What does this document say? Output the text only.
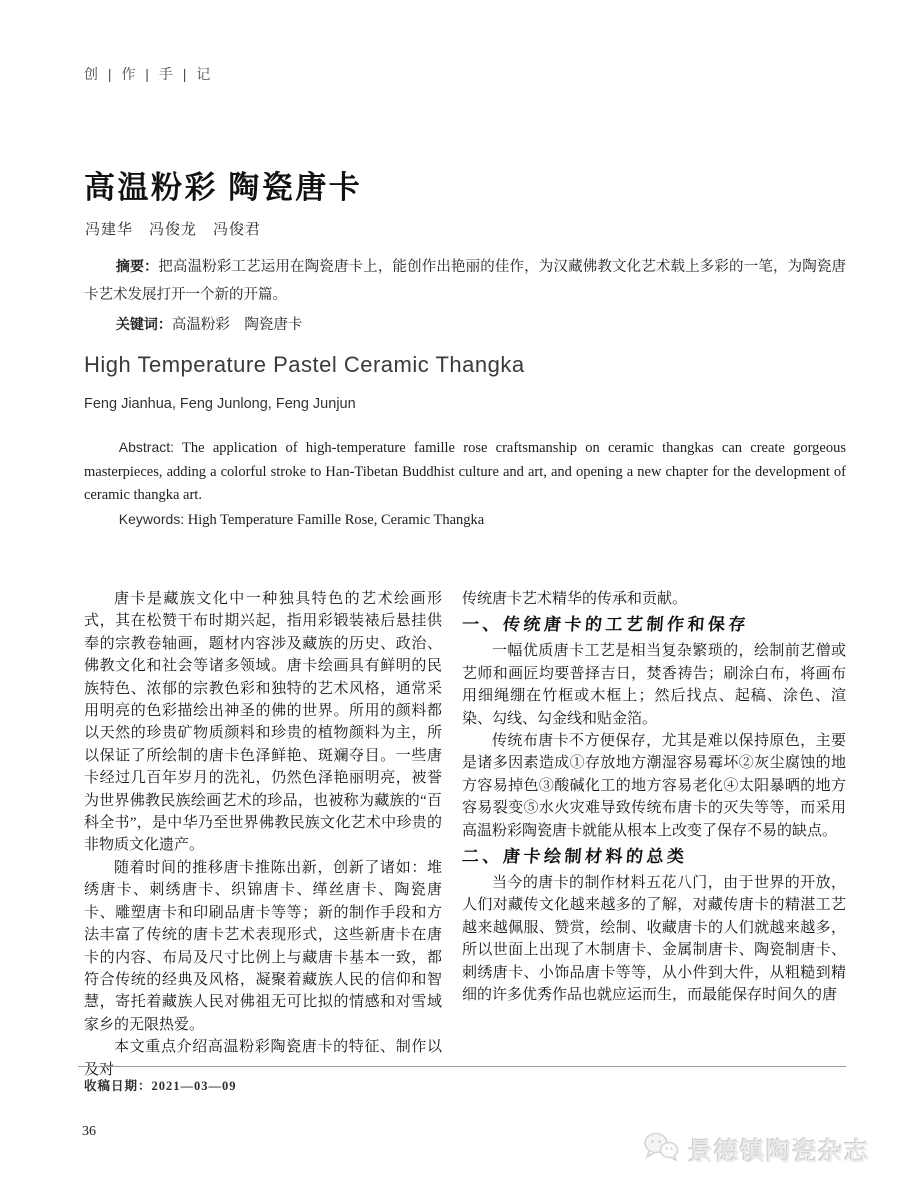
创 | 作 | 手 | 记
高温粉彩 陶瓷唐卡
冯建华　冯俊龙　冯俊君

摘要：把高温粉彩工艺运用在陶瓷唐卡上，能创作出艳丽的佳作，为汉藏佛教文化艺术载上多彩的一笔，为陶瓷唐卡艺术发展打开一个新的开篇。

关键词：高温粉彩　陶瓷唐卡

High Temperature Pastel Ceramic Thangka
Feng Jianhua, Feng Junlong, Feng Junjun

Abstract: The application of high-temperature famille rose craftsmanship on ceramic thangkas can create gorgeous masterpieces, adding a colorful stroke to Han-Tibetan Buddhist culture and art, and opening a new chapter for the development of ceramic thangka art.

Keywords: High Temperature Famille Rose, Ceramic Thangka

唐卡是藏族文化中一种独具特色的艺术绘画形式，其在松赞干布时期兴起，指用彩锻装裱后悬挂供奉的宗教卷轴画，题材内容涉及藏族的历史、政治、佛教文化和社会等诸多领域。唐卡绘画具有鲜明的民族特色、浓郁的宗教色彩和独特的艺术风格，通常采用明亮的色彩描绘出神圣的佛的世界。所用的颜料都以天然的珍贵矿物质颜料和珍贵的植物颜料为主，所以保证了所绘制的唐卡色泽鲜艳、斑斓夺目。一些唐卡经过几百年岁月的洗礼，仍然色泽艳丽明亮，被誉为世界佛教民族绘画艺术的珍品，也被称为藏族的“百科全书”，是中华乃至世界佛教民族文化艺术中珍贵的非物质文化遗产。

随着时间的推移唐卡推陈出新，创新了诸如：堆绣唐卡、刺绣唐卡、织锦唐卡、缂丝唐卡、陶瓷唐卡、雕塑唐卡和印刷品唐卡等等；新的制作手段和方法丰富了传统的唐卡艺术表现形式，这些新唐卡在唐卡的内容、布局及尺寸比例上与藏唐卡基本一致，都符合传统的经典及风格，凝聚着藏族人民的信仰和智慧，寄托着藏族人民对佛祖无可比拟的情感和对雪域家乡的无限热爱。

本文重点介绍高温粉彩陶瓷唐卡的特征、制作以及对

传统唐卡艺术精华的传承和贡献。

一、传统唐卡的工艺制作和保存

一幅优质唐卡工艺是相当复杂繁琐的，绘制前艺僧或艺师和画匠均要普择吉日，焚香祷告；刷涂白布，将画布用细绳绷在竹框或木框上；然后找点、起稿、涂色、渲染、勾线、勾金线和贴金箔。

传统布唐卡不方便保存，尤其是难以保持原色，主要是诸多因素造成①存放地方潮湿容易霉坏②灰尘腐蚀的地方容易掉色③酸碱化工的地方容易老化④太阳暴晒的地方容易裂变⑤水火灾难导致传统布唐卡的灭失等等，而采用高温粉彩陶瓷唐卡就能从根本上改变了保存不易的缺点。

二、唐卡绘制材料的总类

当今的唐卡的制作材料五花八门，由于世界的开放，人们对藏传文化越来越多的了解，对藏传唐卡的精湛工艺越来越佩服、赞赏，绘制、收藏唐卡的人们就越来越多，所以世面上出现了木制唐卡、金属制唐卡、陶瓷制唐卡、刺绣唐卡、小饰品唐卡等等，从小件到大件，从粗糙到精细的许多优秀作品也就应运而生，而最能保存时间久的唐

收稿日期：2021—03—09
36
景德镇陶瓷杂志
